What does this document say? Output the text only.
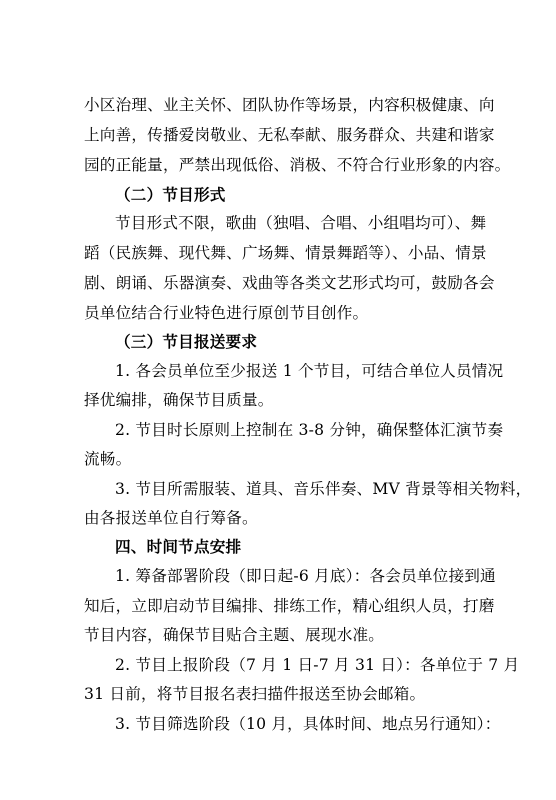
小区治理、业主关怀、团队协作等场景，内容积极健康、向
上向善，传播爱岗敬业、无私奉献、服务群众、共建和谐家
园的正能量，严禁出现低俗、消极、不符合行业形象的内容。
（二）节目形式
节目形式不限，歌曲（独唱、合唱、小组唱均可）、舞
蹈（民族舞、现代舞、广场舞、情景舞蹈等）、小品、情景
剧、朗诵、乐器演奏、戏曲等各类文艺形式均可，鼓励各会
员单位结合行业特色进行原创节目创作。
（三）节目报送要求
1. 各会员单位至少报送 1 个节目，可结合单位人员情况
择优编排，确保节目质量。
2. 节目时长原则上控制在 3-8 分钟，确保整体汇演节奏
流畅。
3. 节目所需服装、道具、音乐伴奏、MV 背景等相关物料，
由各报送单位自行筹备。
四、时间节点安排
1. 筹备部署阶段（即日起-6 月底）：各会员单位接到通
知后，立即启动节目编排、排练工作，精心组织人员，打磨
节目内容，确保节目贴合主题、展现水准。
2. 节目上报阶段（7 月 1 日-7 月 31 日）：各单位于 7 月
31 日前，将节目报名表扫描件报送至协会邮箱。
3. 节目筛选阶段（10 月，具体时间、地点另行通知）：
